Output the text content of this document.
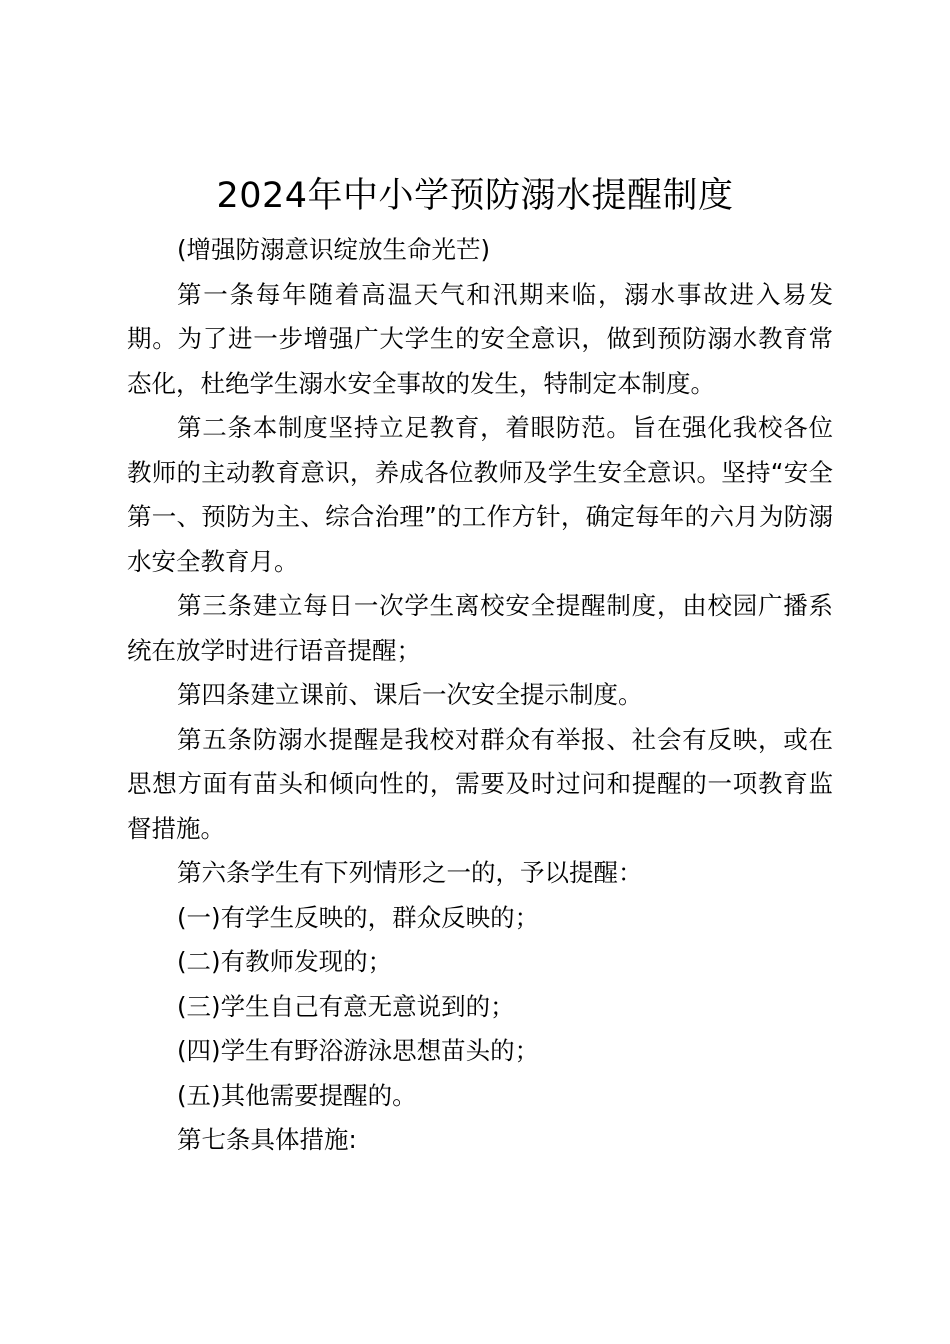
2024年中小学预防溺水提醒制度

(增强防溺意识绽放生命光芒)

第一条每年随着高温天气和汛期来临，溺水事故进入易发期。为了进一步增强广大学生的安全意识，做到预防溺水教育常态化，杜绝学生溺水安全事故的发生，特制定本制度。

第二条本制度坚持立足教育，着眼防范。旨在强化我校各位教师的主动教育意识，养成各位教师及学生安全意识。坚持“安全第一、预防为主、综合治理”的工作方针，确定每年的六月为防溺水安全教育月。

第三条建立每日一次学生离校安全提醒制度，由校园广播系统在放学时进行语音提醒；

第四条建立课前、课后一次安全提示制度。

第五条防溺水提醒是我校对群众有举报、社会有反映，或在思想方面有苗头和倾向性的，需要及时过问和提醒的一项教育监督措施。

第六条学生有下列情形之一的，予以提醒：

(一)有学生反映的，群众反映的；

(二)有教师发现的；

(三)学生自己有意无意说到的；

(四)学生有野浴游泳思想苗头的；

(五)其他需要提醒的。

第七条具体措施:
